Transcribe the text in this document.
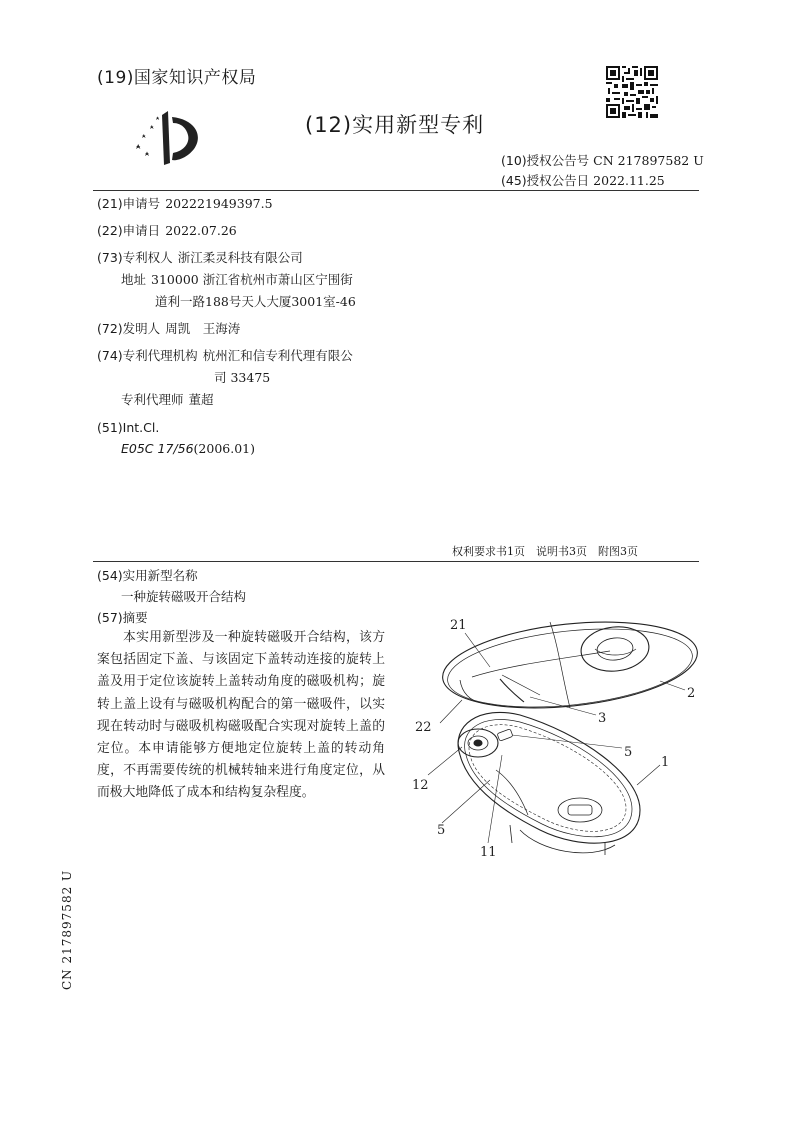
(19)国家知识产权局
(12)实用新型专利
(10)授权公告号 CN 217897582 U
(45)授权公告日 2022.11.25
(21)申请号 202221949397.5
(22)申请日 2022.07.26
(73)专利权人 浙江柔灵科技有限公司
地址 310000 浙江省杭州市萧山区宁围街
道利一路188号天人大厦3001室-46
(72)发明人 周凯　王海涛
(74)专利代理机构 杭州汇和信专利代理有限公
司 33475
专利代理师 董超
(51)Int.Cl.
E05C 17/56(2006.01)
权利要求书1页　说明书3页　附图3页
(54)实用新型名称
一种旋转磁吸开合结构
(57)摘要
本实用新型涉及一种旋转磁吸开合结构，该方案包括固定下盖、与该固定下盖转动连接的旋转上盖及用于定位该旋转上盖转动角度的磁吸机构；旋转上盖上设有与磁吸机构配合的第一磁吸件，以实现在转动时与磁吸机构磁吸配合实现对旋转上盖的定位。本申请能够方便地定位旋转上盖的转动角度，不再需要传统的机械转轴来进行角度定位，从而极大地降低了成本和结构复杂程度。
CN 217897582 U
21
2
3
22
5
1
12
5
11
